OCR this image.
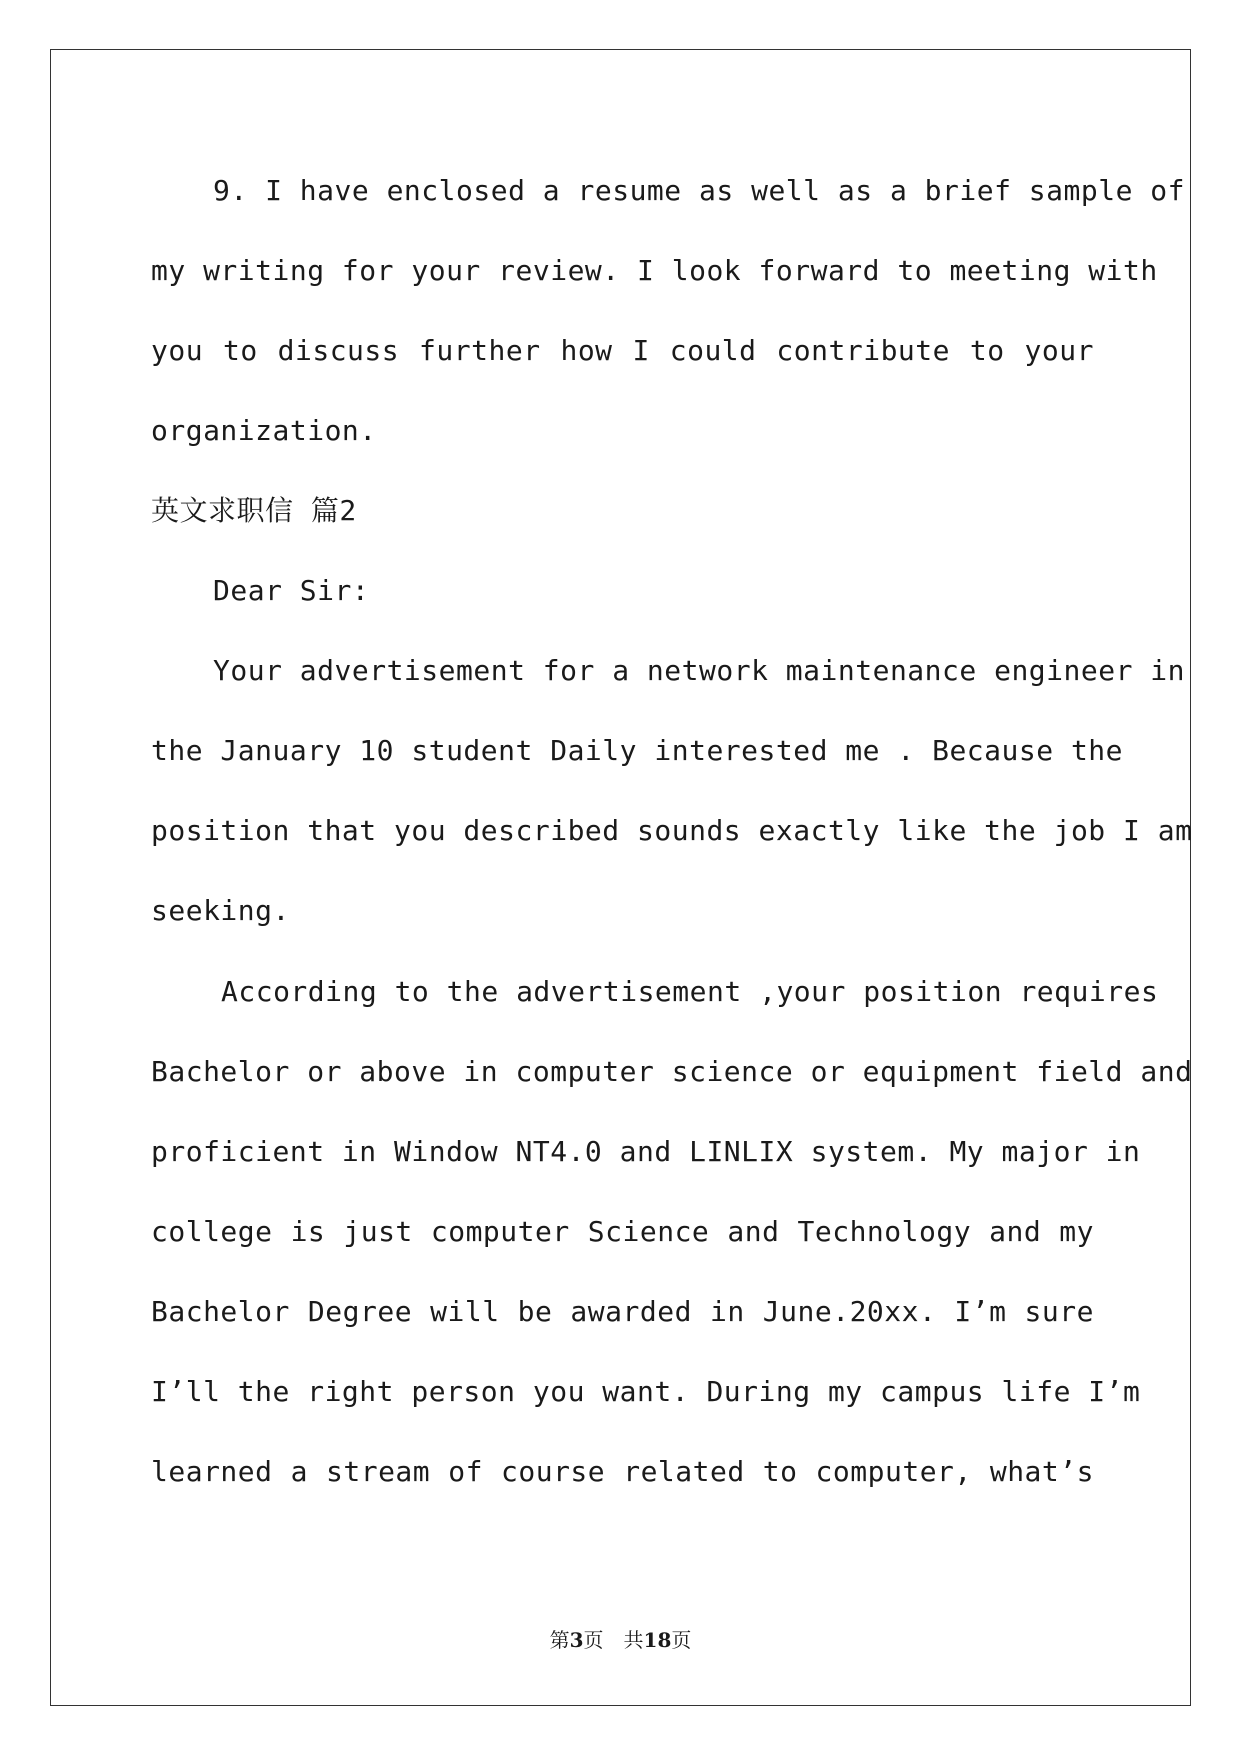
9. I have enclosed a resume as well as a brief sample of
my writing for your review. I look forward to meeting with
you to discuss further how I could contribute to your
organization.
英文求职信 篇2
Dear Sir:
Your advertisement for a network maintenance engineer in
the January 10 student Daily interested me . Because the
position that you described sounds exactly like the job I am
seeking.
According to the advertisement ,your position requires
Bachelor or above in computer science or equipment field and
proficient in Window NT4.0 and LINLIX system. My major in
college is just computer Science and Technology and my
Bachelor Degree will be awarded in June.20xx. I’m sure
I’ll the right person you want. During my campus life I’m
learned a stream of course related to computer, what’s
第3页　共18页
